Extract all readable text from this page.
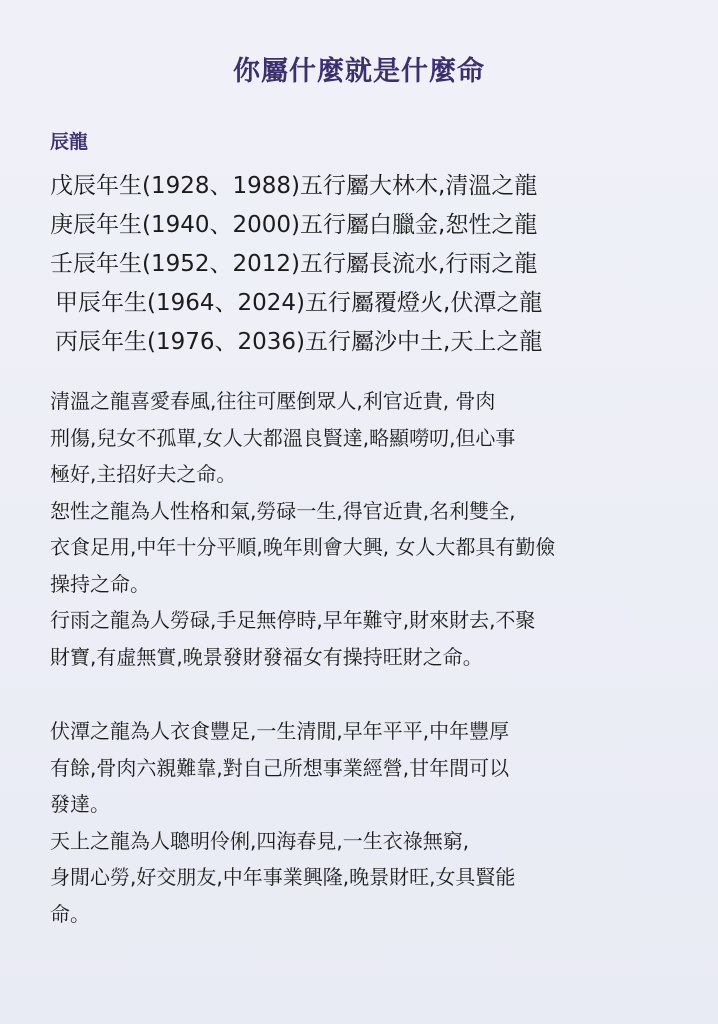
你屬什麼就是什麼命
辰龍
戊辰年生(1928、1988)五行屬大林木,清溫之龍
庚辰年生(1940、2000)五行屬白臘金,恕性之龍
壬辰年生(1952、2012)五行屬長流水,行雨之龍
甲辰年生(1964、2024)五行屬覆燈火,伏潭之龍
丙辰年生(1976、2036)五行屬沙中土,天上之龍

清溫之龍喜愛春風,往往可壓倒眾人,利官近貴, 骨肉
刑傷,兒女不孤單,女人大都溫良賢達,略顯嘮叨,但心事
極好,主招好夫之命。

恕性之龍為人性格和氣,勞碌一生,得官近貴,名利雙全,
衣食足用,中年十分平順,晚年則會大興, 女人大都具有勤儉
操持之命。

行雨之龍為人勞碌,手足無停時,早年難守,財來財去,不聚
財寶,有虛無實,晚景發財發福女有操持旺財之命。

伏潭之龍為人衣食豐足,一生清閒,早年平平,中年豐厚
有餘,骨肉六親難靠,對自己所想事業經營,甘年間可以
發達。

天上之龍為人聰明伶俐,四海春見,一生衣祿無窮,
身閒心勞,好交朋友,中年事業興隆,晚景財旺,女具賢能
命。
